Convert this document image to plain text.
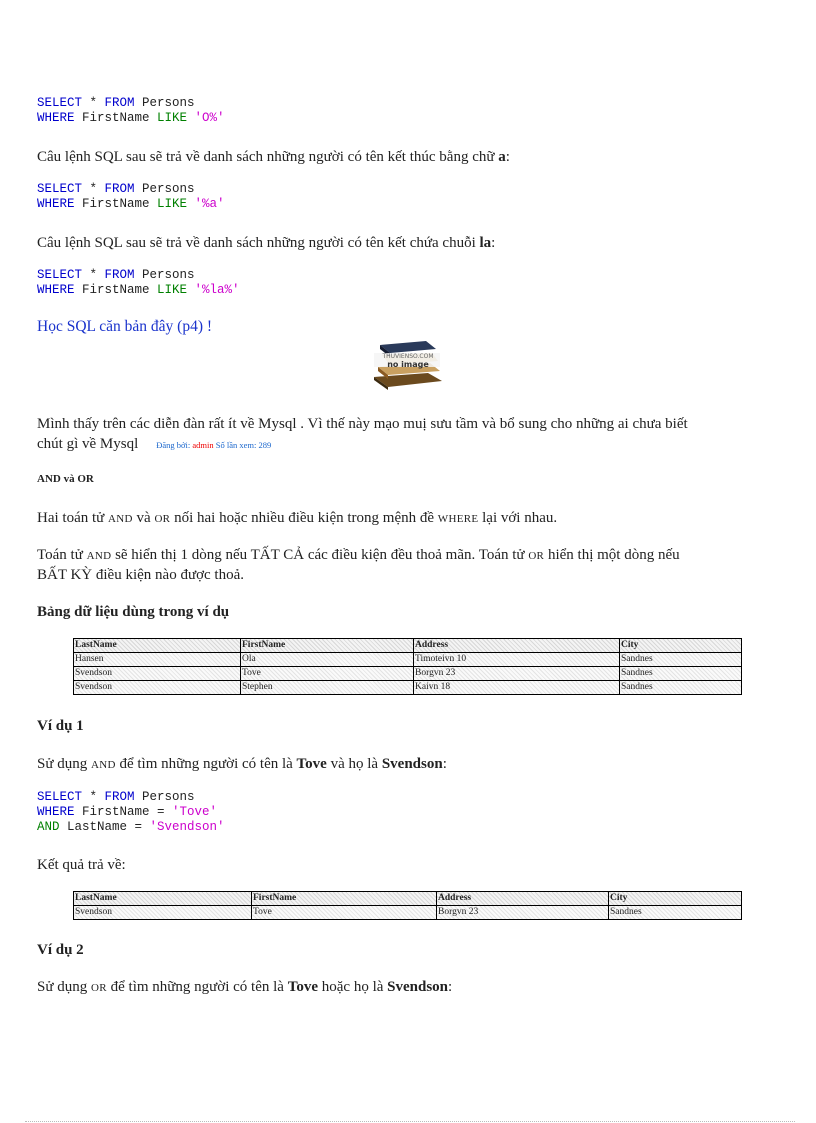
SELECT * FROM Persons
WHERE FirstName LIKE 'O%'
Câu lệnh SQL sau sẽ trả về danh sách những người có tên kết thúc bằng chữ a:
SELECT * FROM Persons
WHERE FirstName LIKE '%a'
Câu lệnh SQL sau sẽ trả về danh sách những người có tên kết chứa chuỗi la:
SELECT * FROM Persons
WHERE FirstName LIKE '%la%'
Học SQL căn bản đây (p4) !
THUVIENSO.COM
no image
Mình thấy trên các diễn đàn rất ít về Mysql . Vì thế này mạo muị sưu tầm và bổ sung cho những ai chưa biết
chút gì về Mysql Đăng bởi: admin Số lần xem: 289
AND và OR
Hai toán tử AND và OR nối hai hoặc nhiều điều kiện trong mệnh đề WHERE lại với nhau.
Toán tử AND sẽ hiển thị 1 dòng nếu TẤT CẢ các điều kiện đều thoả mãn. Toán tử OR hiển thị một dòng nếu
BẤT KỲ điều kiện nào được thoả.
Bảng dữ liệu dùng trong ví dụ
LastName	FirstName	Address	City
Hansen	Ola	Timoteivn 10	Sandnes
Svendson	Tove	Borgvn 23	Sandnes
Svendson	Stephen	Kaivn 18	Sandnes
Ví dụ 1
Sử dụng AND để tìm những người có tên là Tove và họ là Svendson:
SELECT * FROM Persons
WHERE FirstName = 'Tove'
AND LastName = 'Svendson'
Kết quả trả về:
LastName	FirstName	Address	City
Svendson	Tove	Borgvn 23	Sandnes
Ví dụ 2
Sử dụng OR để tìm những người có tên là Tove hoặc họ là Svendson:
